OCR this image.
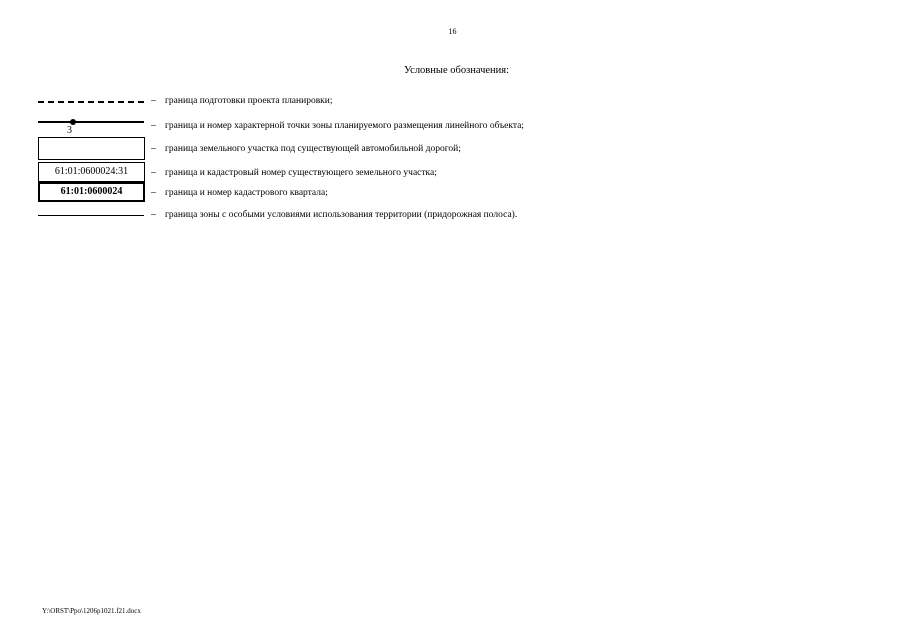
16
Условные обозначения:
– граница подготовки проекта планировки;
3	– граница и номер характерной точки зоны планируемого размещения линейного объекта;
– граница земельного участка под существующей автомобильной дорогой;
61:01:0600024:31	– граница и кадастровый номер существующего земельного участка;
61:01:0600024	– граница и номер кадастрового квартала;
– граница зоны с особыми условиями использования территории (придорожная полоса).
Y:\ORST\Ppo\1206p1021.f21.docx
